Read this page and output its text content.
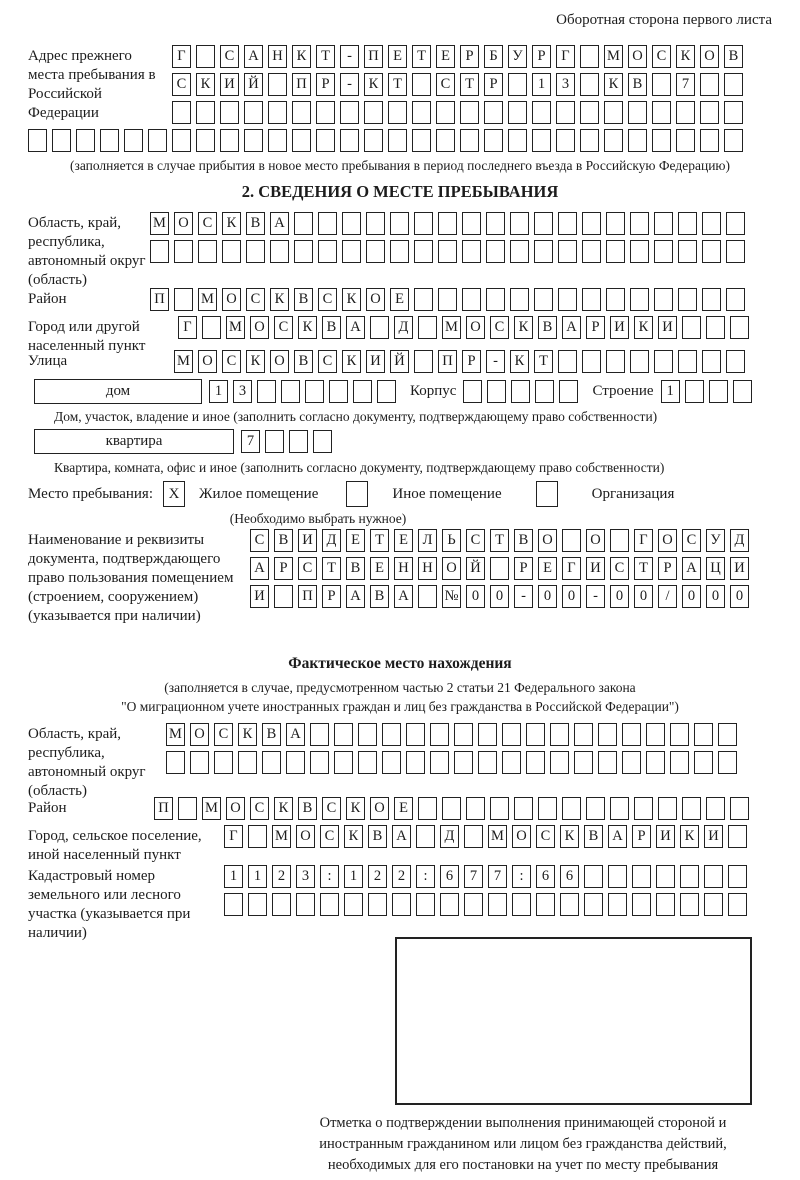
Оборотная сторона первого листа
Адрес прежнего места пребывания в Российской Федерации
Г	С А Н К	Т	-	П Е	Т	Е	Р	Б	У	Р	Г	М О С К О В
С К И Й	П	Р	-	К	Т	С	Т	Р	1	3	К В	7
(заполняется в случае прибытия в новое место пребывания в период последнего въезда в Российскую Федерацию)
2. СВЕДЕНИЯ О МЕСТЕ ПРЕБЫВАНИЯ
Область, край, республика, автономный округ (область)
М О С К В А
Район	П	М О С К В С К О Е
Город или другой населенный пункт
Г	М О С К В А	Д	М О С К В А	Р	И К И
Улица	М О С К О В С К И Й	П	Р	-	К	Т
дом	1	3	Корпус	Строение 1
Дом, участок, владение и иное (заполнить согласно документу, подтверждающему право собственности)
квартира	7
Квартира, комната, офис и иное (заполнить согласно документу, подтверждающему право собственности)
Место пребывания:	X	Жилое помещение	Иное помещение	Организация
(Необходимо выбрать нужное)
Наименование и реквизиты документа, подтверждающего право пользования помещением (строением, сооружением) (указывается при наличии)
С В И Д	Е	Т	Е	Л	Ь	С	Т	В О	О	Г	О С У Д
А	Р	С	Т	В	Е Н Н О Й	Р	Е	Г	И С	Т	Р	А Ц И
И	П	Р	А В А № 0	0	-	0	0	-	0	0	/	0	0	0
Фактическое место нахождения
(заполняется в случае, предусмотренном частью 2 статьи 21 Федерального закона
"О миграционном учете иностранных граждан и лиц без гражданства в Российской Федерации")
Область, край, республика, автономный округ (область)
М О С К В А
Район	П	М О С К В С К О Е
Город, сельское поселение, иной населенный пункт
Г	М О С К В А	Д	М О С К В А	Р	И К И
Кадастровый номер земельного или лесного участка (указывается при наличии)
1	1	2	3	:	1	2	2	:	6	7	7	:	6	6
Отметка о подтверждении выполнения принимающей стороной и иностранным гражданином или лицом без гражданства действий, необходимых для его постановки на учет по месту пребывания
